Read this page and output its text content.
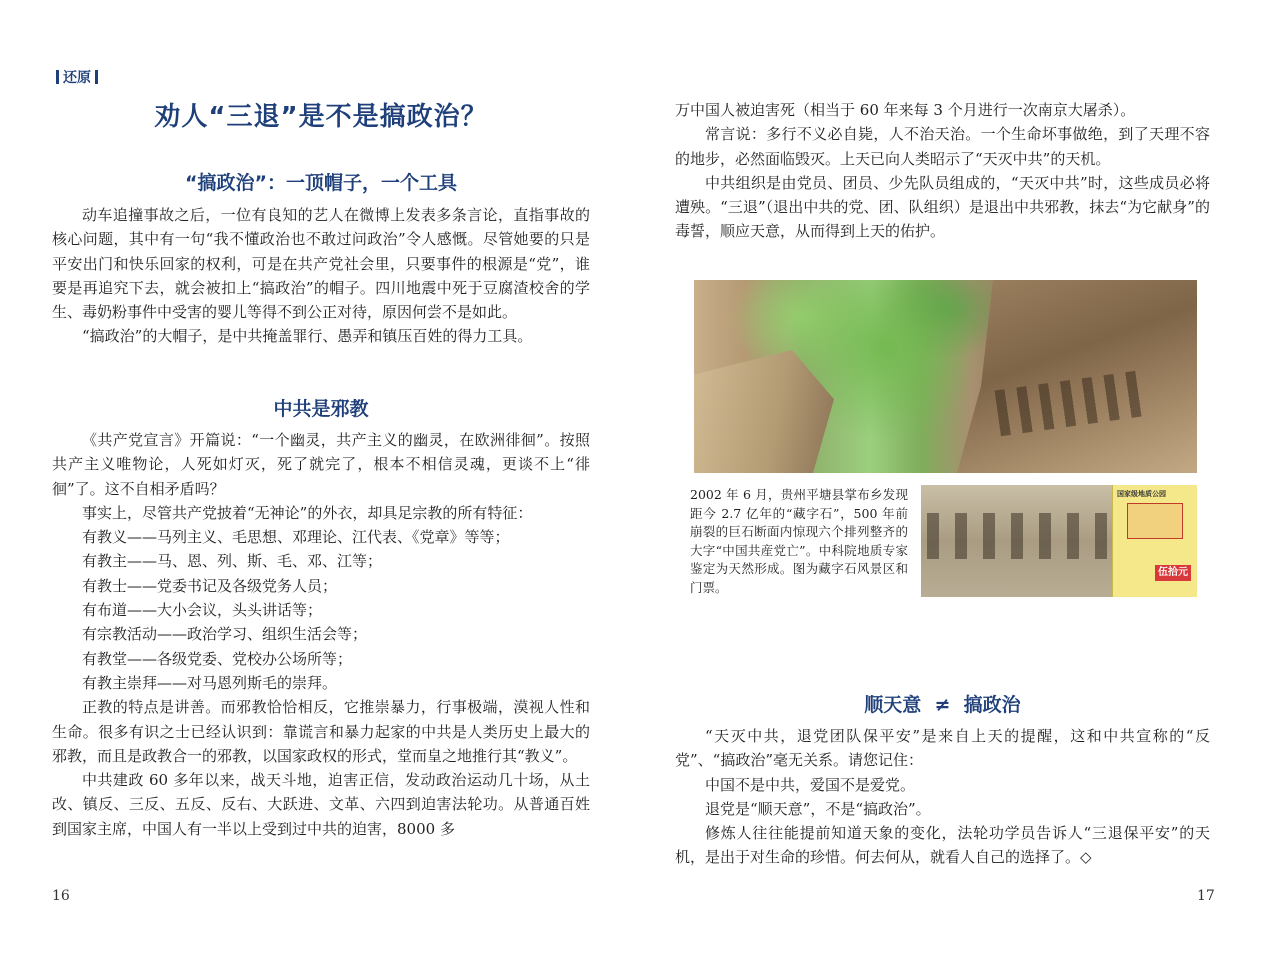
还原
劝人“三退”是不是搞政治？
“搞政治”：一顶帽子，一个工具

动车追撞事故之后，一位有良知的艺人在微博上发表多条言论，直指事故的核心问题，其中有一句“我不懂政治也不敢过问政治”令人感慨。尽管她要的只是平安出门和快乐回家的权利，可是在共产党社会里，只要事件的根源是“党”，谁要是再追究下去，就会被扣上“搞政治”的帽子。四川地震中死于豆腐渣校舍的学生、毒奶粉事件中受害的婴儿等得不到公正对待，原因何尝不是如此。

“搞政治”的大帽子，是中共掩盖罪行、愚弄和镇压百姓的得力工具。

中共是邪教

《共产党宣言》开篇说：“一个幽灵，共产主义的幽灵，在欧洲徘徊”。按照共产主义唯物论，人死如灯灭，死了就完了，根本不相信灵魂，更谈不上“徘徊”了。这不自相矛盾吗？

事实上，尽管共产党披着“无神论”的外衣，却具足宗教的所有特征：

有教义——马列主义、毛思想、邓理论、江代表、《党章》等等；

有教主——马、恩、列、斯、毛、邓、江等；

有教士——党委书记及各级党务人员；

有布道——大小会议，头头讲话等；

有宗教活动——政治学习、组织生活会等；

有教堂——各级党委、党校办公场所等；

有教主崇拜——对马恩列斯毛的崇拜。

正教的特点是讲善。而邪教恰恰相反，它推崇暴力，行事极端，漠视人性和生命。很多有识之士已经认识到：靠谎言和暴力起家的中共是人类历史上最大的邪教，而且是政教合一的邪教，以国家政权的形式，堂而皇之地推行其“教义”。

中共建政 60 多年以来，战天斗地，迫害正信，发动政治运动几十场，从土改、镇反、三反、五反、反右、大跃进、文革、六四到迫害法轮功。从普通百姓到国家主席，中国人有一半以上受到过中共的迫害，8000 多

16

万中国人被迫害死（相当于 60 年来每 3 个月进行一次南京大屠杀）。

常言说：多行不义必自毙，人不治天治。一个生命坏事做绝，到了天理不容的地步，必然面临毁灭。上天已向人类昭示了“天灭中共”的天机。

中共组织是由党员、团员、少先队员组成的，“天灭中共”时，这些成员必将遭殃。“三退”（退出中共的党、团、队组织）是退出中共邪教，抹去“为它献身”的毒誓，顺应天意，从而得到上天的佑护。

2002 年 6 月，贵州平塘县掌布乡发现距今 2.7 亿年的“藏字石”，500 年前崩裂的巨石断面内惊现六个排列整齐的大字“中国共産党亡”。中科院地质专家鉴定为天然形成。图为藏字石风景区和门票。
国家级地质公园
伍拾元
顺天意  ≠  搞政治

“天灭中共，退党团队保平安”是来自上天的提醒，这和中共宣称的“反党”、“搞政治”毫无关系。请您记住：

中国不是中共，爱国不是爱党。

退党是“顺天意”，不是“搞政治”。

修炼人往往能提前知道天象的变化，法轮功学员告诉人“三退保平安”的天机，是出于对生命的珍惜。何去何从，就看人自己的选择了。◇

17
